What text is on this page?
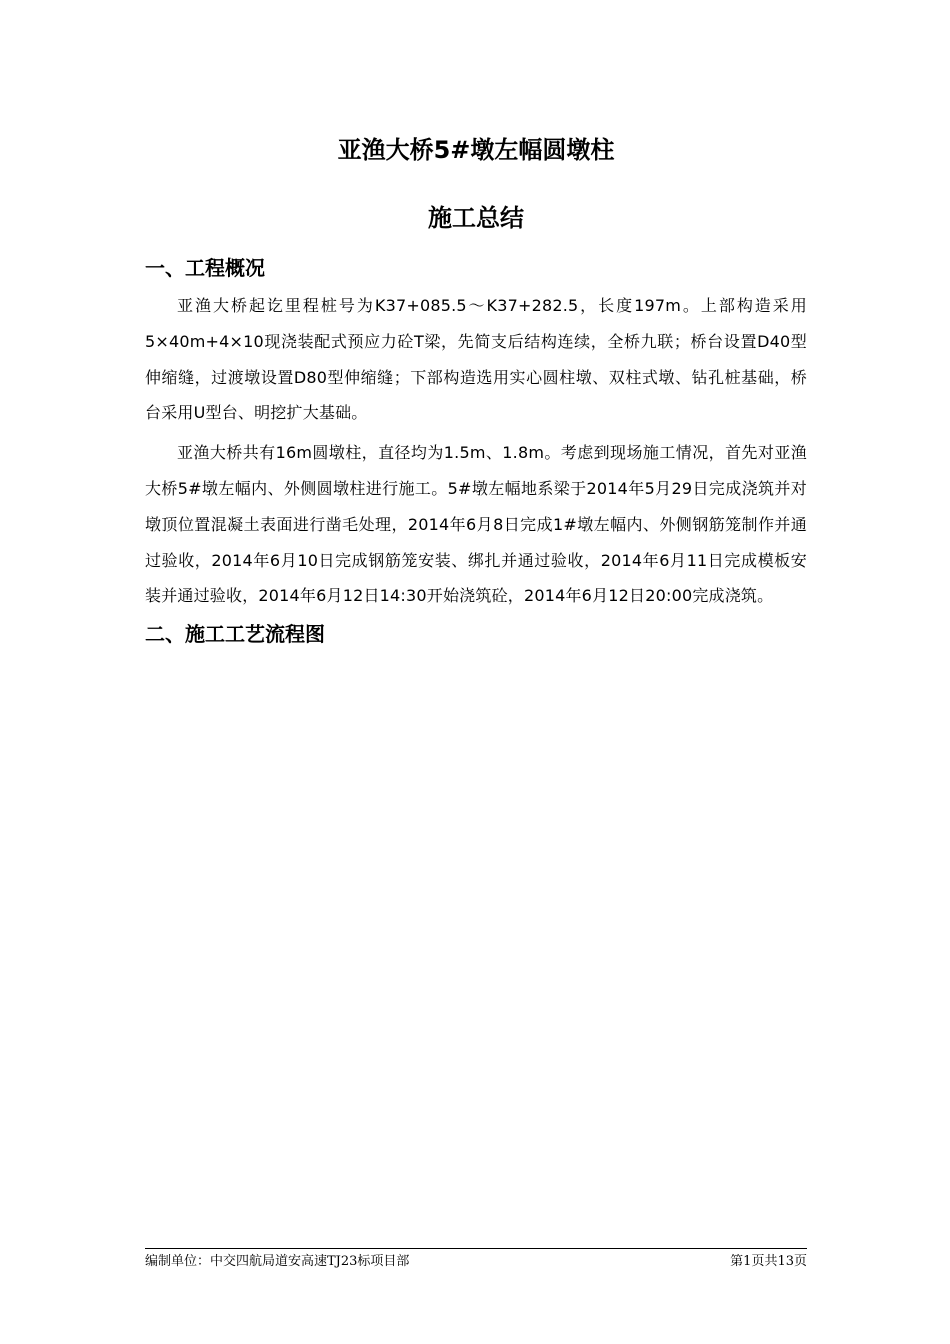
亚渔大桥5#墩左幅圆墩柱
施工总结
一、工程概况

亚渔大桥起讫里程桩号为K37+085.5～K37+282.5，长度197m。上部构造采用5×40m+4×10现浇装配式预应力砼T梁，先简支后结构连续，全桥九联；桥台设置D40型伸缩缝，过渡墩设置D80型伸缩缝；下部构造选用实心圆柱墩、双柱式墩、钻孔桩基础，桥台采用U型台、明挖扩大基础。

亚渔大桥共有16m圆墩柱，直径均为1.5m、1.8m。考虑到现场施工情况，首先对亚渔大桥5#墩左幅内、外侧圆墩柱进行施工。5#墩左幅地系梁于2014年5月29日完成浇筑并对墩顶位置混凝土表面进行凿毛处理，2014年6月8日完成1#墩左幅内、外侧钢筋笼制作并通过验收，2014年6月10日完成钢筋笼安装、绑扎并通过验收，2014年6月11日完成模板安装并通过验收，2014年6月12日14:30开始浇筑砼，2014年6月12日20:00完成浇筑。

二、施工工艺流程图
编制单位：中交四航局道安高速TJ23标项目部	第1页共13页
